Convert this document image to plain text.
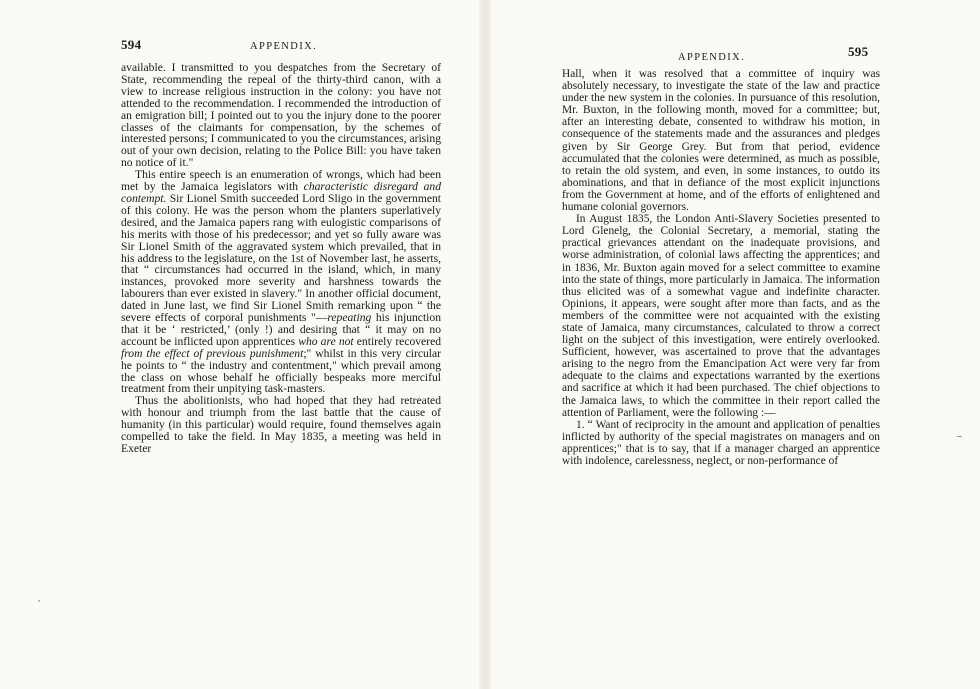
594	APPENDIX.

available. I transmitted to you despatches from the Secretary of State, recommending the repeal of the thirty-third canon, with a view to increase religious instruction in the colony: you have not attended to the recommendation. I recommended the introduction of an emigration bill; I pointed out to you the injury done to the poorer classes of the claimants for compensation, by the schemes of interested persons; I communicated to you the circumstances, arising out of your own decision, relating to the Police Bill: you have taken no notice of it."

This entire speech is an enumeration of wrongs, which had been met by the Jamaica legislators with characteristic disregard and contempt. Sir Lionel Smith succeeded Lord Sligo in the government of this colony. He was the person whom the planters superlatively desired, and the Jamaica papers rang with eulogistic comparisons of his merits with those of his predecessor; and yet so fully aware was Sir Lionel Smith of the aggravated system which prevailed, that in his address to the legislature, on the 1st of November last, he asserts, that “ circumstances had occurred in the island, which, in many instances, provoked more severity and harshness towards the labourers than ever existed in slavery." In another official document, dated in June last, we find Sir Lionel Smith remarking upon “ the severe effects of corporal punishments "—repeating his injunction that it be ‘ restricted,’ (only !) and desiring that “ it may on no account be inflicted upon apprentices who are not entirely recovered from the effect of previous punishment;" whilst in this very circular he points to “ the industry and contentment," which prevail among the class on whose behalf he officially bespeaks more merciful treatment from their unpitying task-masters.

Thus the abolitionists, who had hoped that they had retreated with honour and triumph from the last battle that the cause of humanity (in this particular) would require, found themselves again compelled to take the field. In May 1835, a meeting was held in Exeter

APPENDIX.	595

Hall, when it was resolved that a committee of inquiry was absolutely necessary, to investigate the state of the law and practice under the new system in the colonies. In pursuance of this resolution, Mr. Buxton, in the following month, moved for a committee; but, after an interesting debate, consented to withdraw his motion, in consequence of the statements made and the assurances and pledges given by Sir George Grey. But from that period, evidence accumulated that the colonies were determined, as much as possible, to retain the old system, and even, in some instances, to outdo its abominations, and that in defiance of the most explicit injunctions from the Government at home, and of the efforts of enlightened and humane colonial governors.

In August 1835, the London Anti-Slavery Societies presented to Lord Glenelg, the Colonial Secretary, a memorial, stating the practical grievances attendant on the inadequate provisions, and worse administration, of colonial laws affecting the apprentices; and in 1836, Mr. Buxton again moved for a select committee to examine into the state of things, more particularly in Jamaica. The information thus elicited was of a somewhat vague and indefinite character. Opinions, it appears, were sought after more than facts, and as the members of the committee were not acquainted with the existing state of Jamaica, many circumstances, calculated to throw a correct light on the subject of this investigation, were entirely overlooked. Sufficient, however, was ascertained to prove that the advantages arising to the negro from the Emancipation Act were very far from adequate to the claims and expectations warranted by the exertions and sacrifice at which it had been purchased. The chief objections to the Jamaica laws, to which the committee in their report called the attention of Parliament, were the following :—

1. “ Want of reciprocity in the amount and application of penalties inflicted by authority of the special magistrates on managers and on apprentices;" that is to say, that if a manager charged an apprentice with indolence, carelessness, neglect, or non-performance of
